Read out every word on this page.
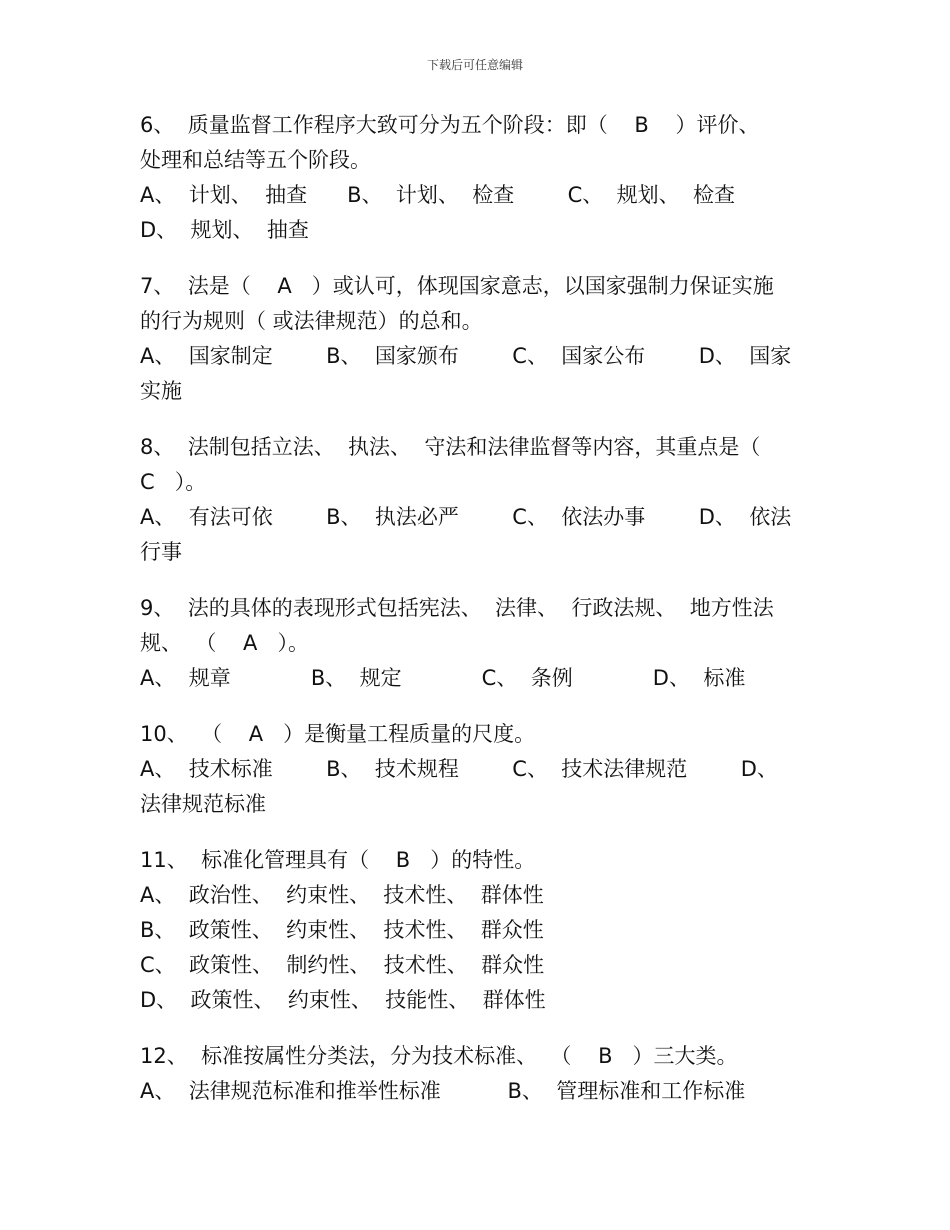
下载后可任意编辑
6、  质量监督工作程序大致可分为五个阶段：即（    B    ）评价、
处理和总结等五个阶段。
A、  计划、  抽查      B、  计划、  检查        C、  规划、  检查
D、  规划、  抽查
7、  法是（    A   ）或认可，体现国家意志，以国家强制力保证实施
的行为规则（ 或法律规范）的总和。
A、  国家制定        B、  国家颁布        C、  国家公布        D、  国家
实施
8、  法制包括立法、  执法、  守法和法律监督等内容，其重点是（
C   ）。
A、  有法可依        B、  执法必严        C、  依法办事        D、  依法
行事
9、  法的具体的表现形式包括宪法、  法律、  行政法规、  地方性法
规、  （    A   ）。
A、  规章            B、  规定            C、  条例            D、  标准
10、  （    A   ）是衡量工程质量的尺度。
A、  技术标准        B、  技术规程        C、  技术法律规范        D、
法律规范标准
11、  标准化管理具有（    B   ）的特性。
A、  政治性、  约束性、  技术性、  群体性
B、  政策性、  约束性、  技术性、  群众性
C、  政策性、  制约性、  技术性、  群众性
D、  政策性、  约束性、  技能性、  群体性
12、  标准按属性分类法，分为技术标准、  （    B   ）三大类。
A、  法律规范标准和推举性标准          B、  管理标准和工作标准
